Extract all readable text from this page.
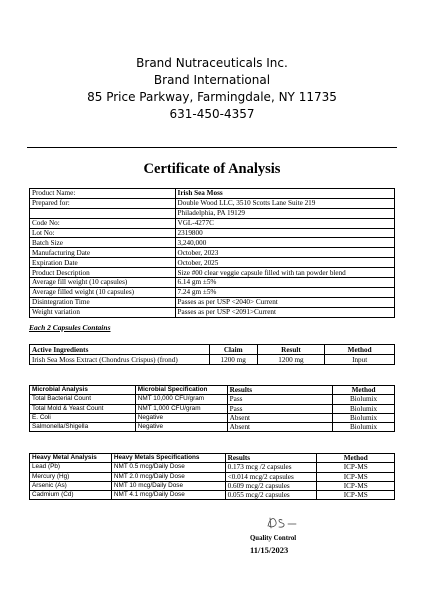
Brand Nutraceuticals Inc.
Brand International
85 Price Parkway, Farmingdale, NY 11735
631-450-4357
Certificate of Analysis
Product Name:	Irish Sea Moss
Prepared for:	Double Wood LLC, 3510 Scotts Lane Suite 219
	Philadelphia, PA 19129
Code No:	VGL-4277C
Lot No:	2319800
Batch Size	3,240,000
Manufacturing Date	October, 2023
Expiration Date	October, 2025
Product Description	Size #00 clear veggie capsule filled with tan powder blend
Average fill weight (10 capsules)	6.14 gm ±5%
Average filled weight (10 capsules)	7.24 gm ±5%
Disintegration Time	Passes as per USP <2040> Current
Weight variation	Passes as per USP <2091>Current
Each 2 Capsules Contains
Active Ingredients	Claim	Result	Method
Irish Sea Moss Extract (Chondrus Crispus) (frond)	1200 mg	1200 mg	Input
Microbial Analysis	Microbial Specification	Results	Method
Total Bacterial Count	NMT 10,000 CFU/gram	Pass	Biolumix
Total Mold & Yeast Count	NMT 1,000 CFU/gram	Pass	Biolumix
E. Coli	Negative	Absent	Biolumix
Salmonella/Shigella	Negative	Absent	Biolumix
Heavy Metal Analysis	Heavy Metals Specifications	Results	Method
Lead (Pb)	NMT 0.5 mcg/Daily Dose	0.173 mcg /2 capsules	ICP-MS
Mercury (Hg)	NMT 2.0 mcg/Daily Dose	<0.014 mcg/2 capsules	ICP-MS
Arsenic (As)	NMT 10 mcg/Daily Dose	0.609 mcg/2 capsules	ICP-MS
Cadmium (Cd)	NMT 4.1 mcg/Daily Dose	0.055 mcg/2 capsules	ICP-MS
Quality Control
11/15/2023
